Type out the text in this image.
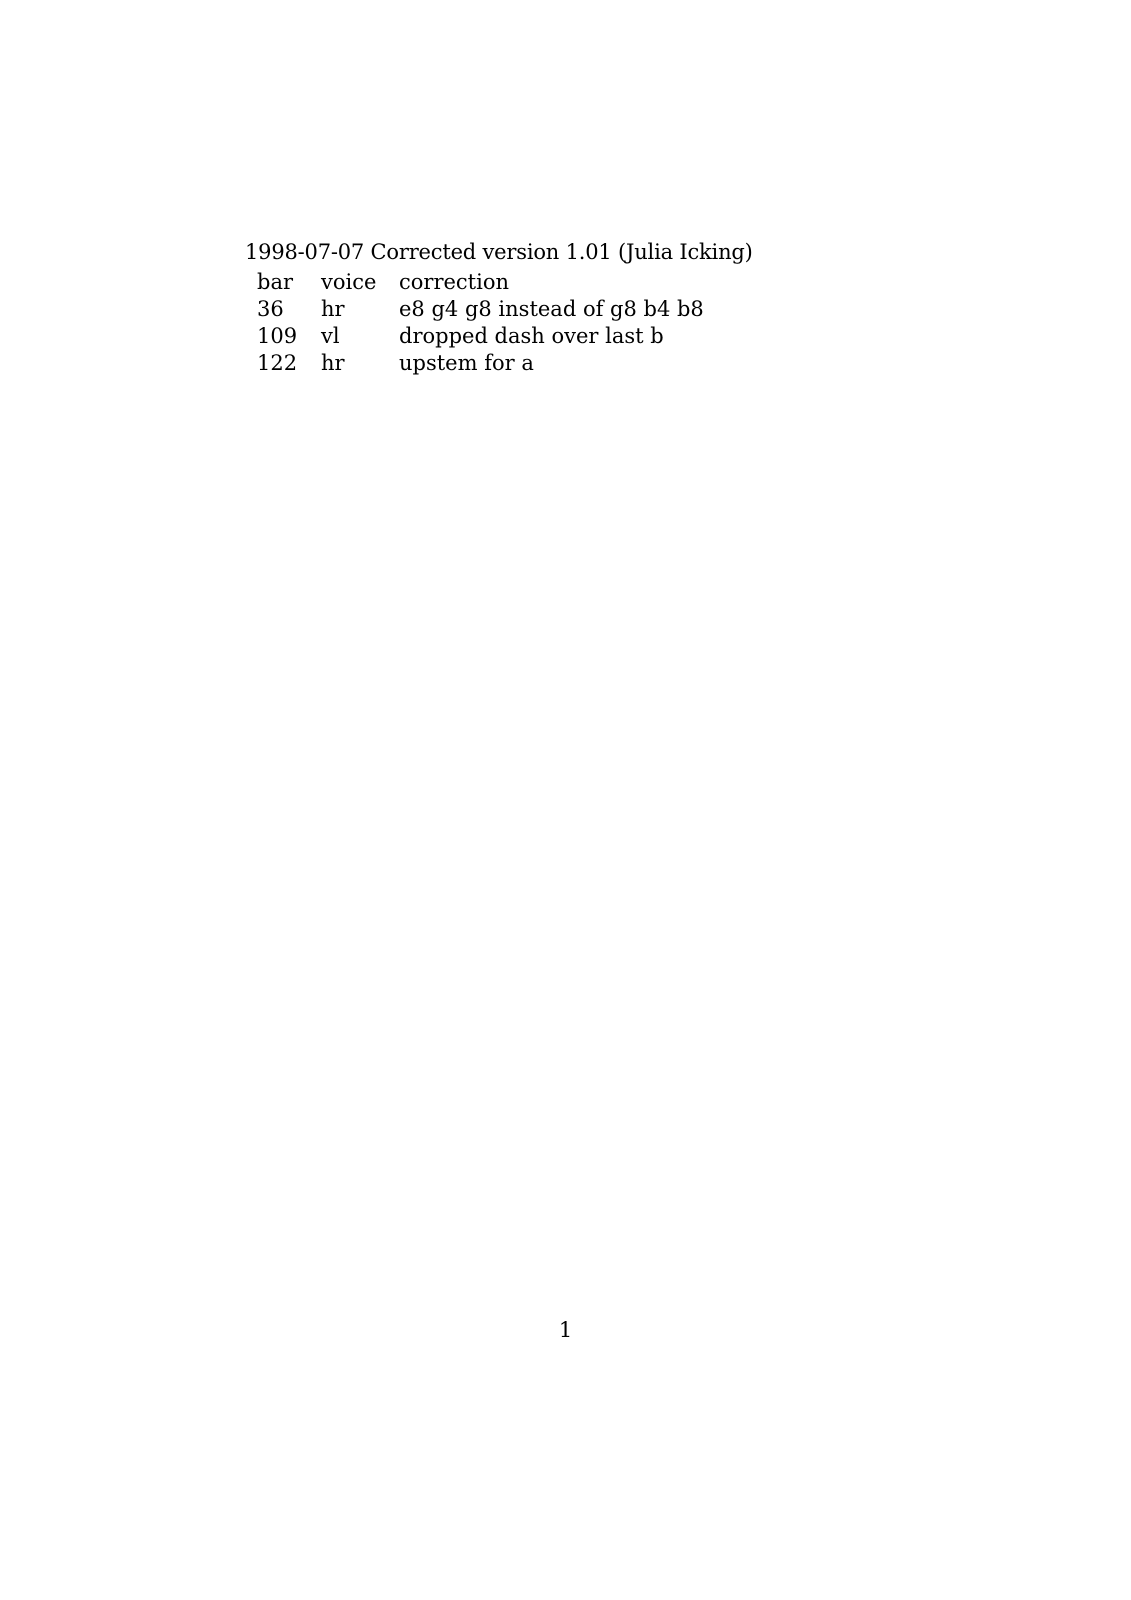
1998-07-07 Corrected version 1.01 (Julia Icking)
bar	voice	correction
36	hr	e8 g4 g8 instead of g8 b4 b8
109	vl	dropped dash over last b
122	hr	upstem for a
1
